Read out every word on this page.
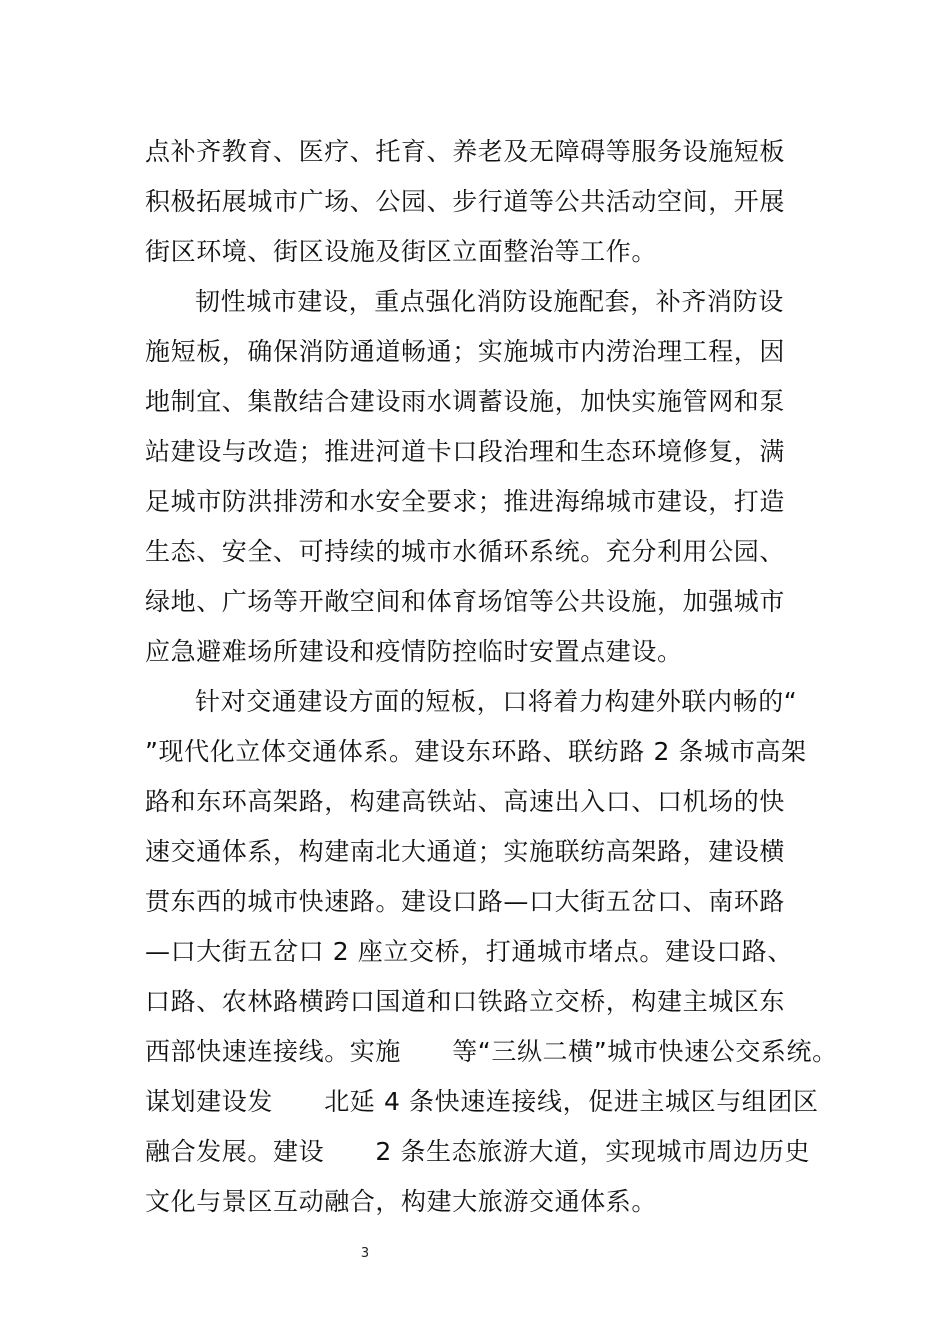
点补齐教育、医疗、托育、养老及无障碍等服务设施短板
积极拓展城市广场、公园、步行道等公共活动空间，开展
街区环境、街区设施及街区立面整治等工作。
韧性城市建设，重点强化消防设施配套，补齐消防设
施短板，确保消防通道畅通；实施城市内涝治理工程，因
地制宜、集散结合建设雨水调蓄设施，加快实施管网和泵
站建设与改造；推进河道卡口段治理和生态环境修复，满
足城市防洪排涝和水安全要求；推进海绵城市建设，打造
生态、安全、可持续的城市水循环系统。充分利用公园、
绿地、广场等开敞空间和体育场馆等公共设施，加强城市
应急避难场所建设和疫情防控临时安置点建设。
针对交通建设方面的短板，口将着力构建外联内畅的“
”现代化立体交通体系。建设东环路、联纺路 2 条城市高架
路和东环高架路，构建高铁站、高速出入口、口机场的快
速交通体系，构建南北大通道；实施联纺高架路，建设横
贯东西的城市快速路。建设口路—口大街五岔口、南环路
—口大街五岔口 2 座立交桥，打通城市堵点。建设口路、
口路、农林路横跨口国道和口铁路立交桥，构建主城区东
西部快速连接线。实施　　等“三纵二横”城市快速公交系统。
谋划建设发　　北延 4 条快速连接线，促进主城区与组团区
融合发展。建设　　2 条生态旅游大道，实现城市周边历史
文化与景区互动融合，构建大旅游交通体系。
3
